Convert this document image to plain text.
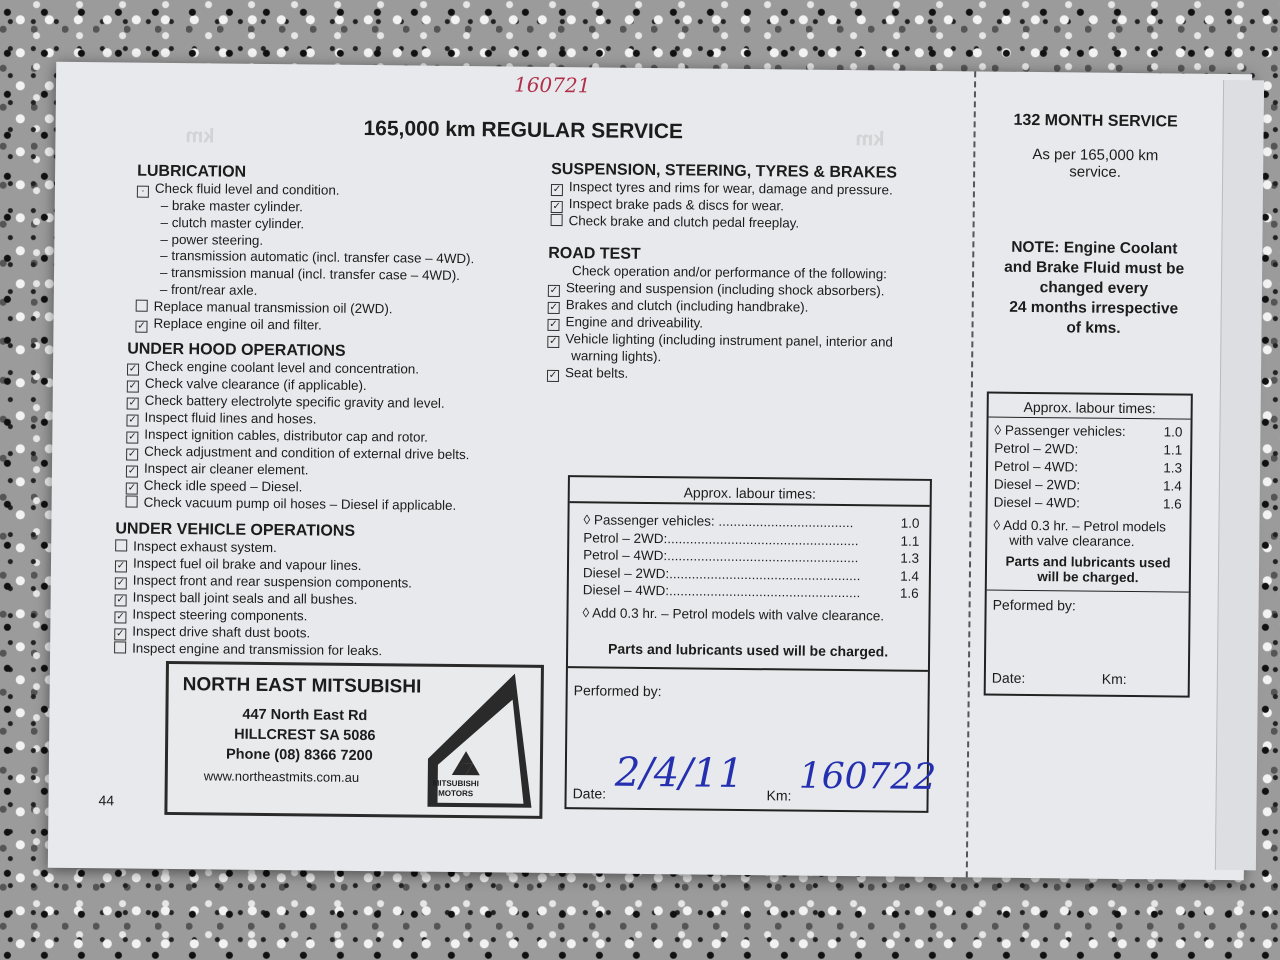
km	km
160721
165,000 km REGULAR SERVICE
LUBRICATION
· Check fluid level and condition.
– brake master cylinder.
– clutch master cylinder.
– power steering.
– transmission automatic (incl. transfer case – 4WD).
– transmission manual (incl. transfer case – 4WD).
– front/rear axle.
Replace manual transmission oil (2WD).
✓ Replace engine oil and filter.
UNDER HOOD OPERATIONS
✓ Check engine coolant level and concentration.
✓ Check valve clearance (if applicable).
✓ Check battery electrolyte specific gravity and level.
✓ Inspect fluid lines and hoses.
✓ Inspect ignition cables, distributor cap and rotor.
✓ Check adjustment and condition of external drive belts.
✓ Inspect air cleaner element.
✓ Check idle speed – Diesel.
Check vacuum pump oil hoses – Diesel if applicable.
UNDER VEHICLE OPERATIONS
Inspect exhaust system.
✓ Inspect fuel oil brake and vapour lines.
✓ Inspect front and rear suspension components.
✓ Inspect ball joint seals and all bushes.
✓ Inspect steering components.
✓ Inspect drive shaft dust boots.
Inspect engine and transmission for leaks.
SUSPENSION, STEERING, TYRES & BRAKES
✓ Inspect tyres and rims for wear, damage and pressure.
✓ Inspect brake pads & discs for wear.
Check brake and clutch pedal freeplay.
ROAD TEST
Check operation and/or performance of the following:
✓ Steering and suspension (including shock absorbers).
✓ Brakes and clutch (including handbrake).
✓ Engine and driveability.
✓ Vehicle lighting (including instrument panel, interior and
warning lights).
✓ Seat belts.
NORTH EAST MITSUBISHI
447 North East Rd
HILLCREST SA 5086
Phone (08) 8366 7200
www.northeastmits.com.au	MITSUBISHI
MOTORS
Approx. labour times:
◊ Passenger vehicles: ....................................	1.0
Petrol – 2WD:...................................................	1.1
Petrol – 4WD:...................................................	1.3
Diesel – 2WD:...................................................	1.4
Diesel – 4WD:...................................................	1.6
◊ Add 0.3 hr. – Petrol models with valve clearance.
Parts and lubricants used will be charged.
Performed by:
Date:	Km:
2/4/11 160722
132 MONTH SERVICE
As per 165,000 km
service.
NOTE: Engine Coolant
and Brake Fluid must be
changed every
24 months irrespective
of kms.
Approx. labour times:
◊ Passenger vehicles:	1.0
Petrol – 2WD:	1.1
Petrol – 4WD:	1.3
Diesel – 2WD:	1.4
Diesel – 4WD:	1.6
◊ Add 0.3 hr. – Petrol models
with valve clearance.
Parts and lubricants used
will be charged.
Peformed by:
Date:	Km:
44
